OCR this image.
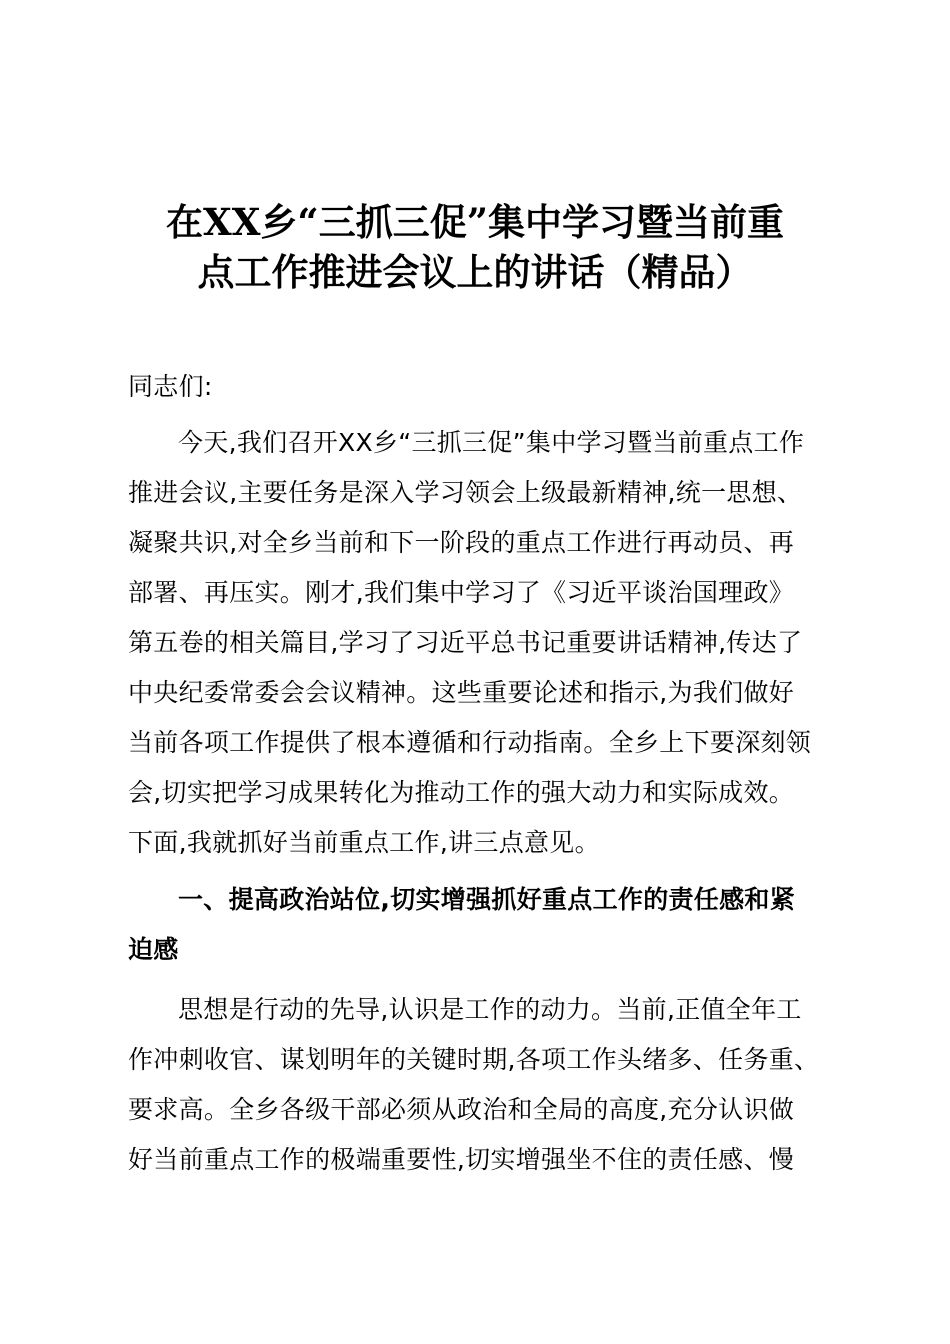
在XX乡“三抓三促”集中学习暨当前重
点工作推进会议上的讲话（精品）
同志们:
今天,我们召开XX乡“三抓三促”集中学习暨当前重点工作
推进会议,主要任务是深入学习领会上级最新精神,统一思想、
凝聚共识,对全乡当前和下一阶段的重点工作进行再动员、再
部署、再压实。刚才,我们集中学习了《习近平谈治国理政》
第五卷的相关篇目,学习了习近平总书记重要讲话精神,传达了
中央纪委常委会会议精神。这些重要论述和指示,为我们做好
当前各项工作提供了根本遵循和行动指南。全乡上下要深刻领
会,切实把学习成果转化为推动工作的强大动力和实际成效。
下面,我就抓好当前重点工作,讲三点意见。
一、提高政治站位,切实增强抓好重点工作的责任感和紧
迫感
思想是行动的先导,认识是工作的动力。当前,正值全年工
作冲刺收官、谋划明年的关键时期,各项工作头绪多、任务重、
要求高。全乡各级干部必须从政治和全局的高度,充分认识做
好当前重点工作的极端重要性,切实增强坐不住的责任感、慢
